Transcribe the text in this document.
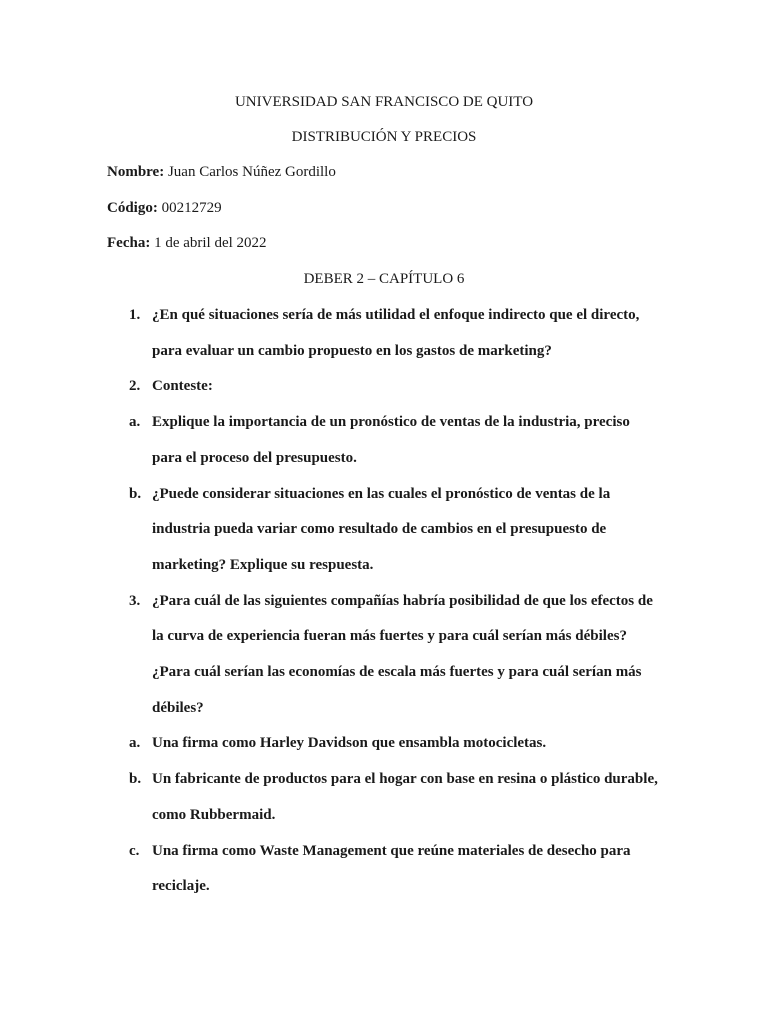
UNIVERSIDAD SAN FRANCISCO DE QUITO
DISTRIBUCIÓN Y PRECIOS
Nombre: Juan Carlos Núñez Gordillo
Código: 00212729
Fecha: 1 de abril del 2022
DEBER 2 – CAPÍTULO 6
1. ¿En qué situaciones sería de más utilidad el enfoque indirecto que el directo,
para evaluar un cambio propuesto en los gastos de marketing?
2. Conteste:
a. Explique la importancia de un pronóstico de ventas de la industria, preciso
para el proceso del presupuesto.
b. ¿Puede considerar situaciones en las cuales el pronóstico de ventas de la
industria pueda variar como resultado de cambios en el presupuesto de
marketing? Explique su respuesta.
3. ¿Para cuál de las siguientes compañías habría posibilidad de que los efectos de
la curva de experiencia fueran más fuertes y para cuál serían más débiles?
¿Para cuál serían las economías de escala más fuertes y para cuál serían más
débiles?
a. Una firma como Harley Davidson que ensambla motocicletas.
b. Un fabricante de productos para el hogar con base en resina o plástico durable,
como Rubbermaid.
c. Una firma como Waste Management que reúne materiales de desecho para
reciclaje.
